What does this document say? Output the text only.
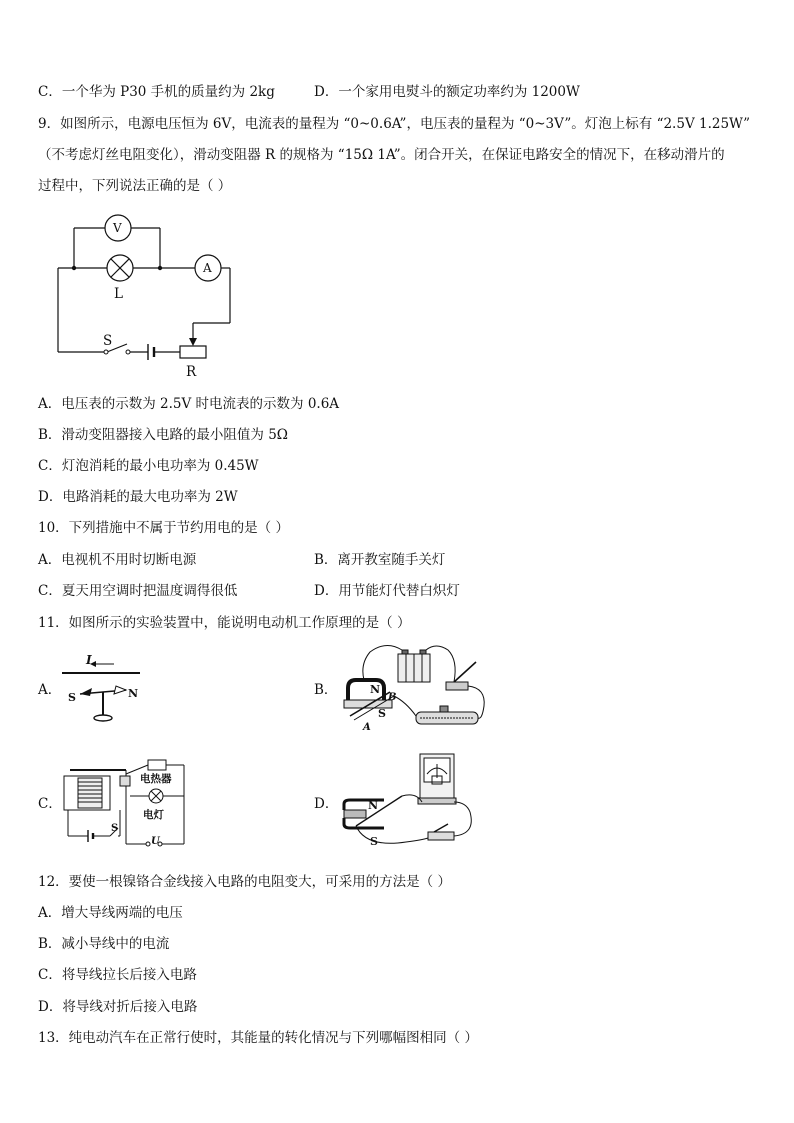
C．一个华为 P30 手机的质量约为 2kg	D．一个家用电熨斗的额定功率约为 1200W
9．如图所示，电源电压恒为 6V，电流表的量程为 “0~0.6A”，电压表的量程为 “0~3V”。灯泡上标有 “2.5V 1.25W”
（不考虑灯丝电阻变化），滑动变阻器 R 的规格为 “15Ω 1A”。闭合开关，在保证电路安全的情况下，在移动滑片的
过程中，下列说法正确的是（ ）
V
A
L
S
R
A．电压表的示数为 2.5V 时电流表的示数为 0.6A
B．滑动变阻器接入电路的最小阻值为 5Ω
C．灯泡消耗的最小电功率为 0.45W
D．电路消耗的最大电功率为 2W
10．下列措施中不属于节约用电的是（ ）
A．电视机不用时切断电源	B．离开教室随手关灯
C．夏天用空调时把温度调得很低	D．用节能灯代替白炽灯
11．如图所示的实验装置中，能说明电动机工作原理的是（ ）
A．	B．
C．	D．
I
S	N	N
S
A
B
电热器
电灯
S
U
N
S
12．要使一根镍铬合金线接入电路的电阻变大，可采用的方法是（ ）
A．增大导线两端的电压
B．减小导线中的电流
C．将导线拉长后接入电路
D．将导线对折后接入电路
13．纯电动汽车在正常行使时，其能量的转化情况与下列哪幅图相同（ ）
